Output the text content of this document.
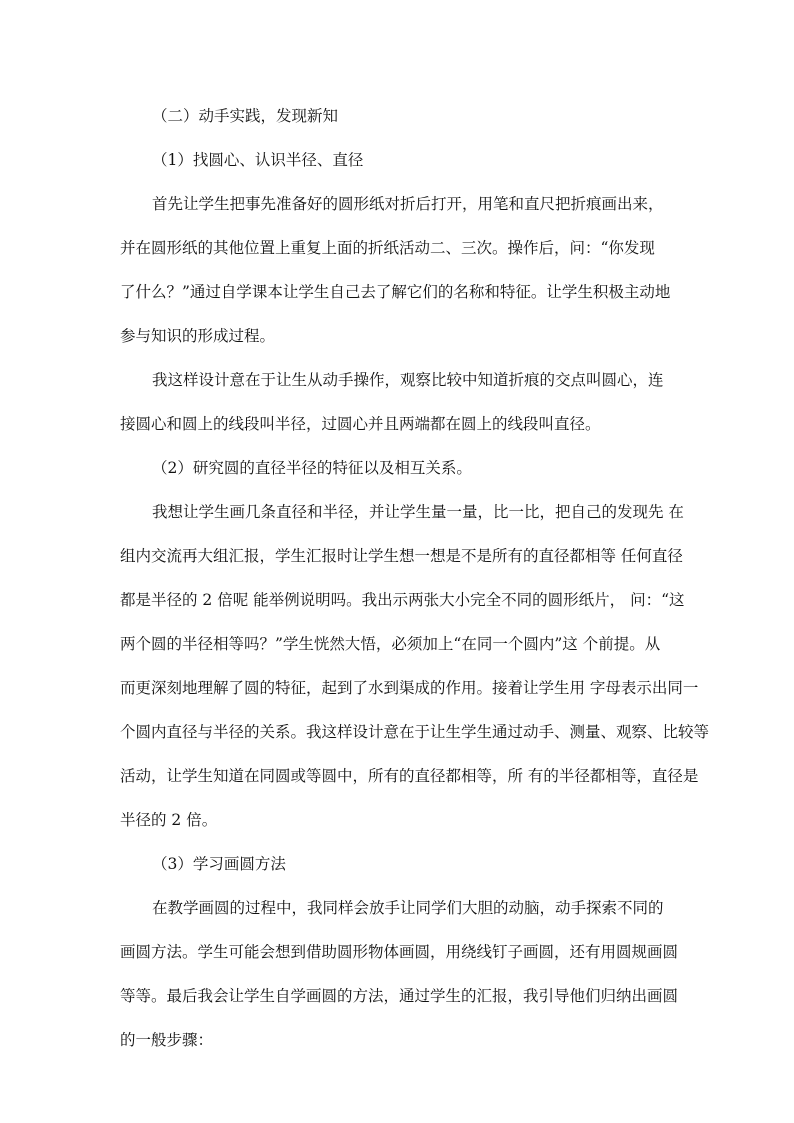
（二）动手实践，发现新知
（1）找圆心、认识半径、直径
首先让学生把事先准备好的圆形纸对折后打开，用笔和直尺把折痕画出来，
并在圆形纸的其他位置上重复上面的折纸活动二、三次。操作后，问：“你发现
了什么？”通过自学课本让学生自己去了解它们的名称和特征。让学生积极主动地
参与知识的形成过程。
我这样设计意在于让生从动手操作，观察比较中知道折痕的交点叫圆心，连
接圆心和圆上的线段叫半径，过圆心并且两端都在圆上的线段叫直径。
（2）研究圆的直径半径的特征以及相互关系。
我想让学生画几条直径和半径，并让学生量一量，比一比，把自己的发现先 在
组内交流再大组汇报，学生汇报时让学生想一想是不是所有的直径都相等 任何直径
都是半径的 2 倍呢 能举例说明吗。我出示两张大小完全不同的圆形纸片， 问：“这
两个圆的半径相等吗？”学生恍然大悟，必须加上“在同一个圆内”这 个前提。从
而更深刻地理解了圆的特征，起到了水到渠成的作用。接着让学生用 字母表示出同一
个圆内直径与半径的关系。我这样设计意在于让生学生通过动手、测量、观察、比较等
活动，让学生知道在同圆或等圆中，所有的直径都相等，所 有的半径都相等，直径是
半径的 2 倍。
（3）学习画圆方法
在教学画圆的过程中，我同样会放手让同学们大胆的动脑，动手探索不同的
画圆方法。学生可能会想到借助圆形物体画圆，用绕线钉子画圆，还有用圆规画圆
等等。最后我会让学生自学画圆的方法，通过学生的汇报，我引导他们归纳出画圆
的一般步骤：
